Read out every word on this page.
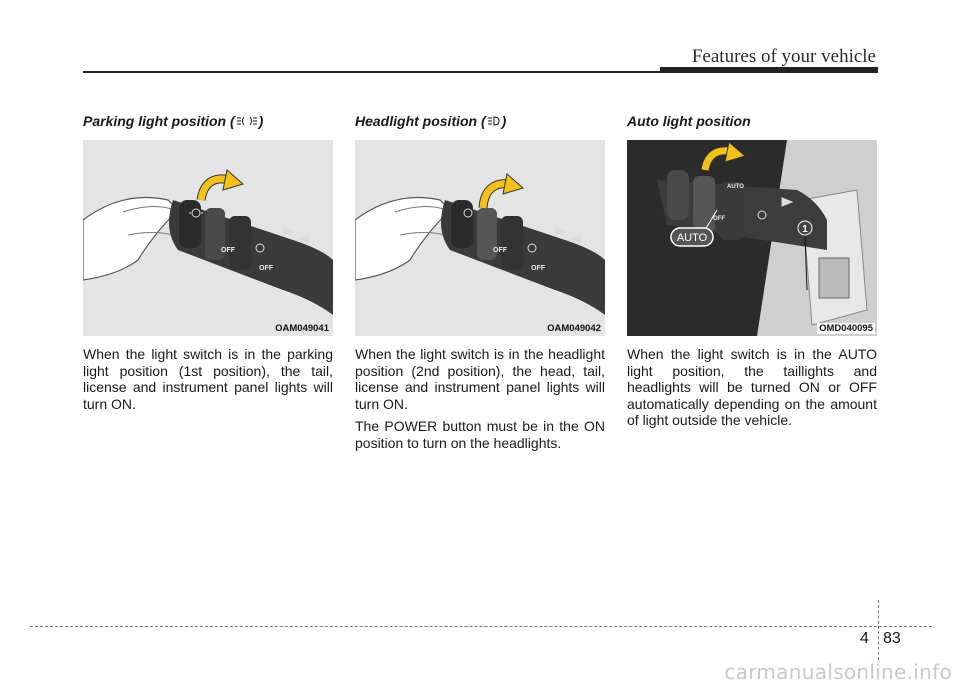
Features of your vehicle
Parking light position ( )
OFF
OFF
OAM049041

When the light switch is in the parking light position (1st position), the tail, license and instrument panel lights will turn ON.

Headlight position ( )
OFF
OFF
OAM049042

When the light switch is in the headlight position (2nd position), the head, tail, license and instrument panel lights will turn ON.

The POWER button must be in the ON position to turn on the headlights.

Auto light position
AUTO
OFF
AUTO
1
OMD040095

When the light switch is in the AUTO light position, the taillights and headlights will be turned ON or OFF automatically depending on the amount of light outside the vehicle.

4 83
carmanualsonline.info
